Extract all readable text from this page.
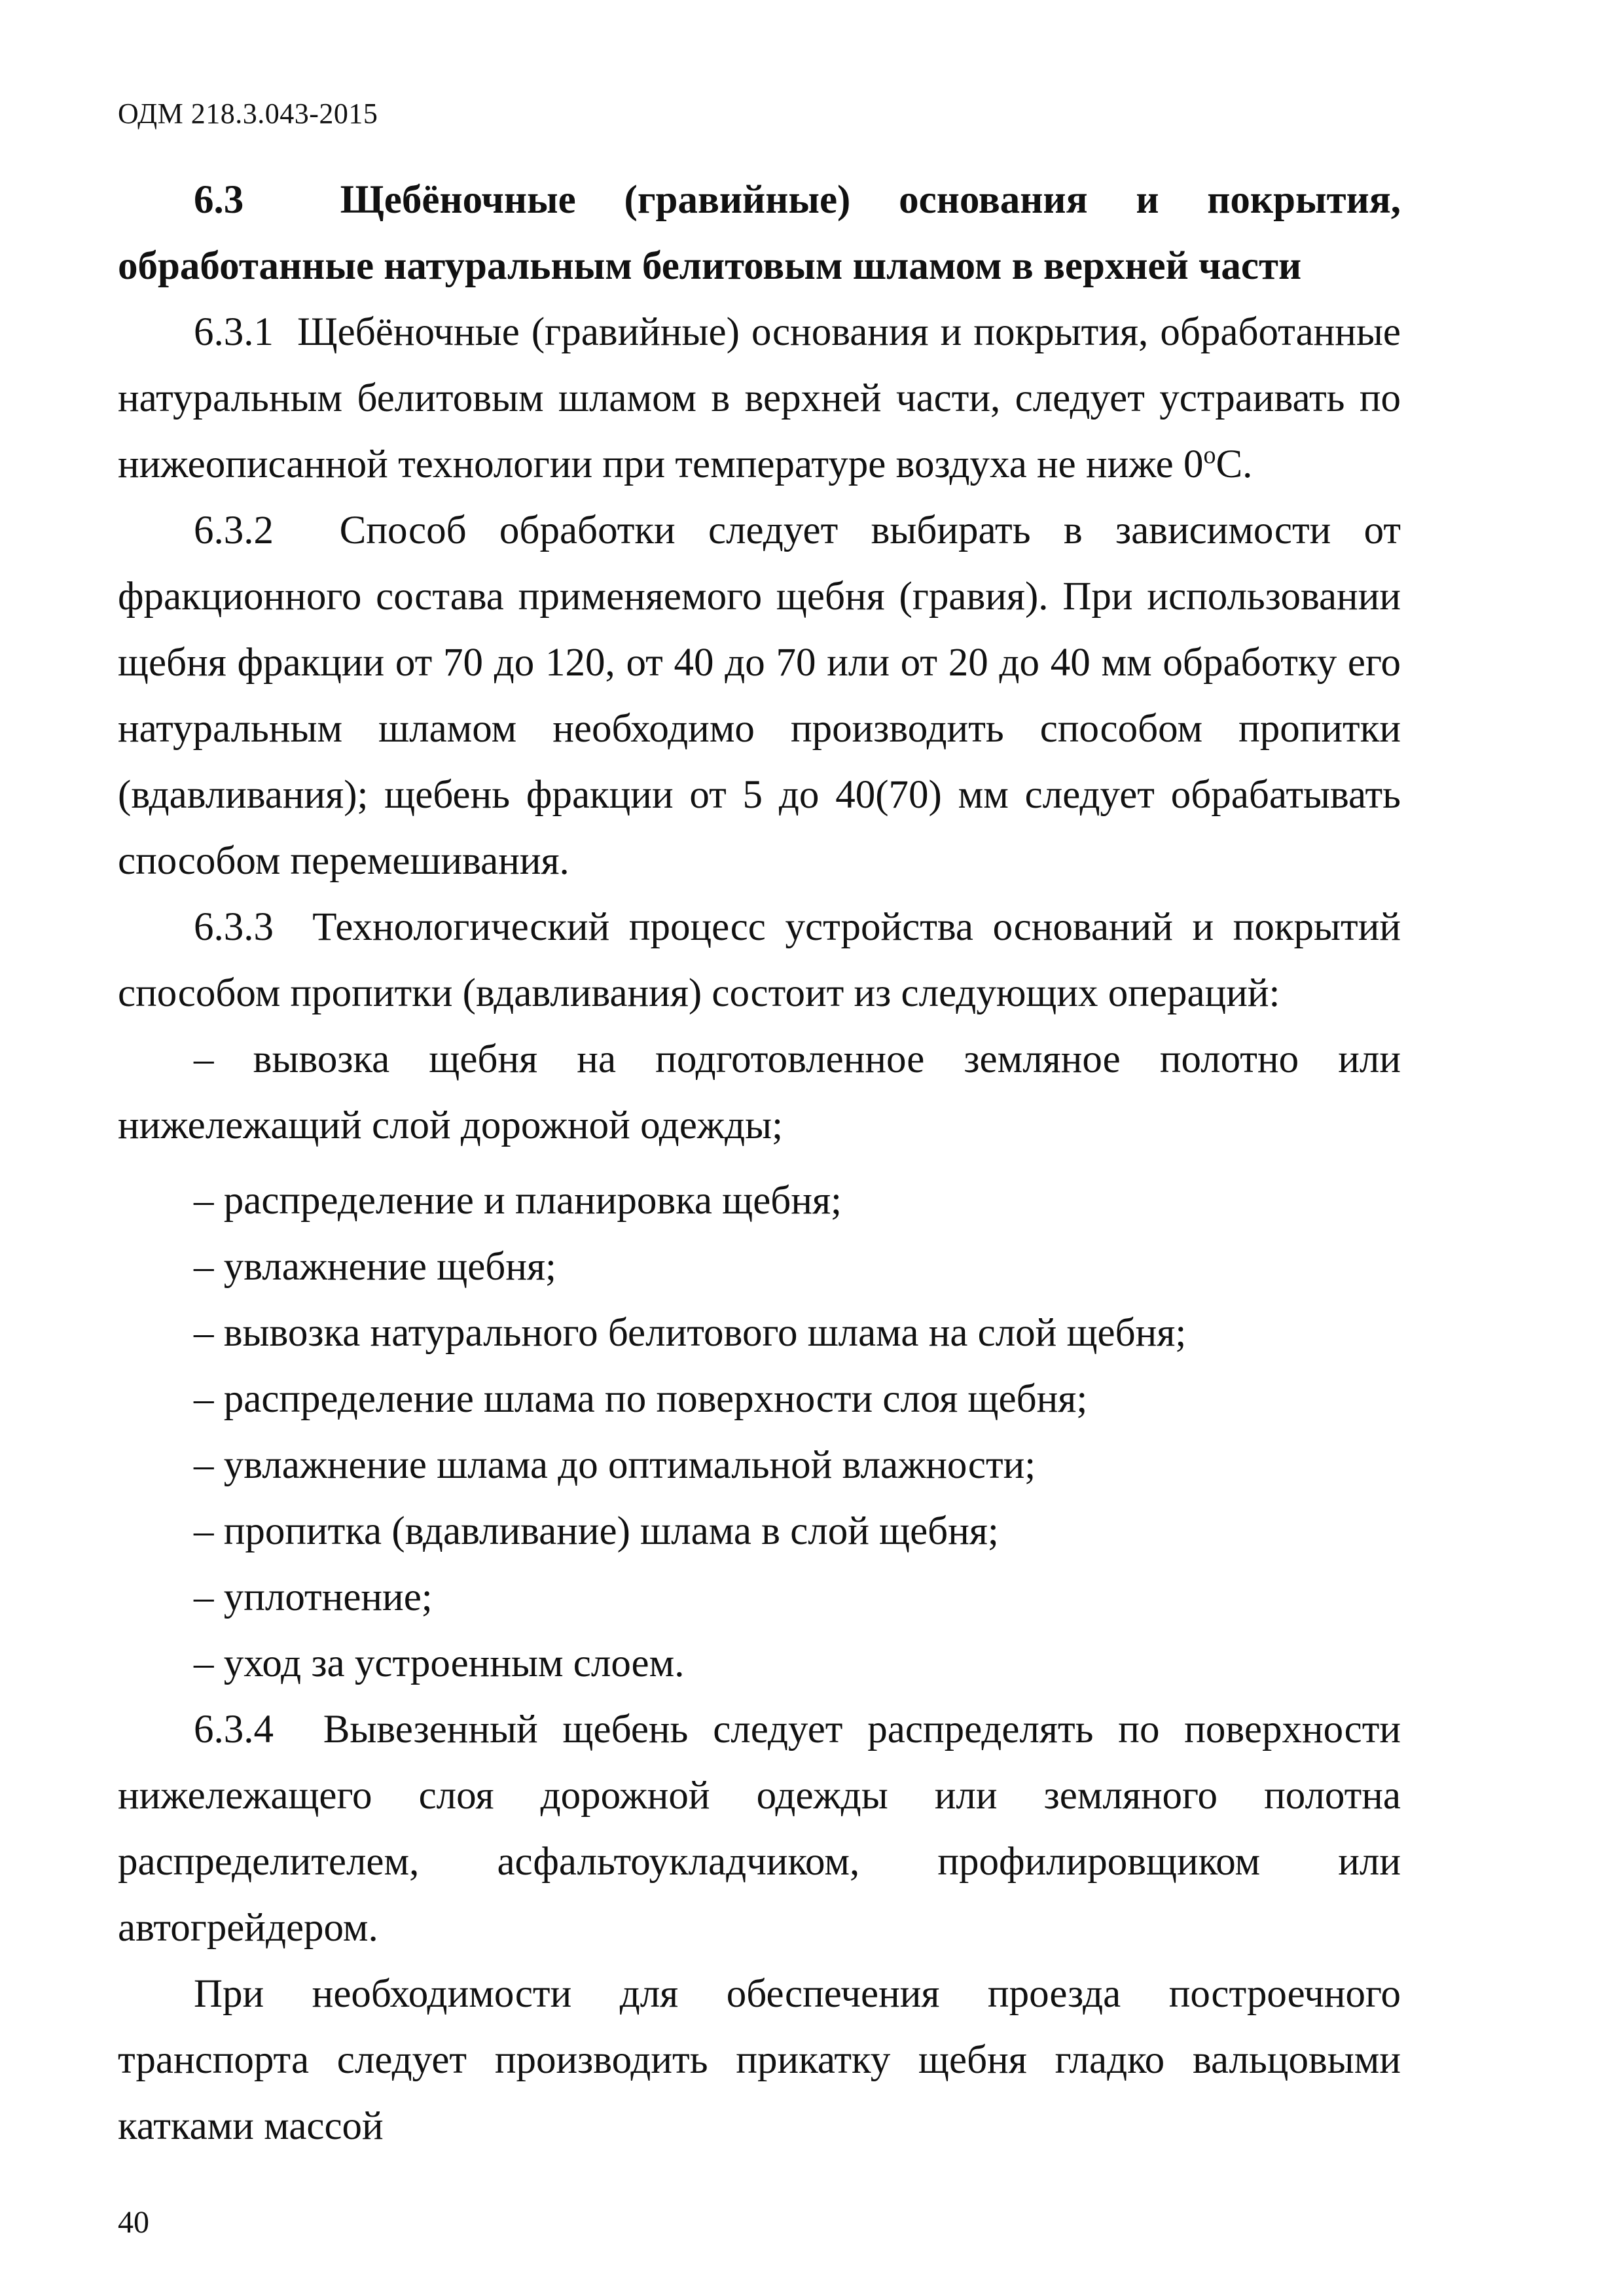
ОДМ 218.3.043-2015

6.3  Щебёночные (гравийные) основания и покрытия, обработанные натуральным белитовым шламом в верхней части

6.3.1  Щебёночные (гравийные) основания и покрытия, обработанные натуральным белитовым шламом в верхней части, следует устраивать по нижеописанной технологии при температуре воздуха не ниже 0$^o$С.

6.3.2  Способ обработки следует выбирать в зависимости от фракционного состава применяемого щебня (гравия). При использовании щебня фракции от 70 до 120, от 40 до 70 или от 20 до 40 мм обработку его натуральным шламом необходимо производить способом пропитки (вдавливания); щебень фракции от 5 до 40(70) мм следует обрабатывать способом перемешивания.

6.3.3  Технологический процесс устройства оснований и покрытий способом пропитки (вдавливания) состоит из следующих операций:

– вывозка щебня на подготовленное земляное полотно или нижележащий слой дорожной одежды;

– распределение и планировка щебня;

– увлажнение щебня;

– вывозка натурального белитового шлама на слой щебня;

– распределение шлама по поверхности слоя щебня;

– увлажнение шлама до оптимальной влажности;

– пропитка (вдавливание) шлама в слой щебня;

– уплотнение;

– уход за устроенным слоем.

6.3.4  Вывезенный щебень следует распределять по поверхности нижележащего слоя дорожной одежды или земляного полотна распределителем, асфальтоукладчиком, профилировщиком или автогрейдером.

При необходимости для обеспечения проезда построечного транспорта следует производить прикатку щебня гладко вальцовыми катками массой

40
